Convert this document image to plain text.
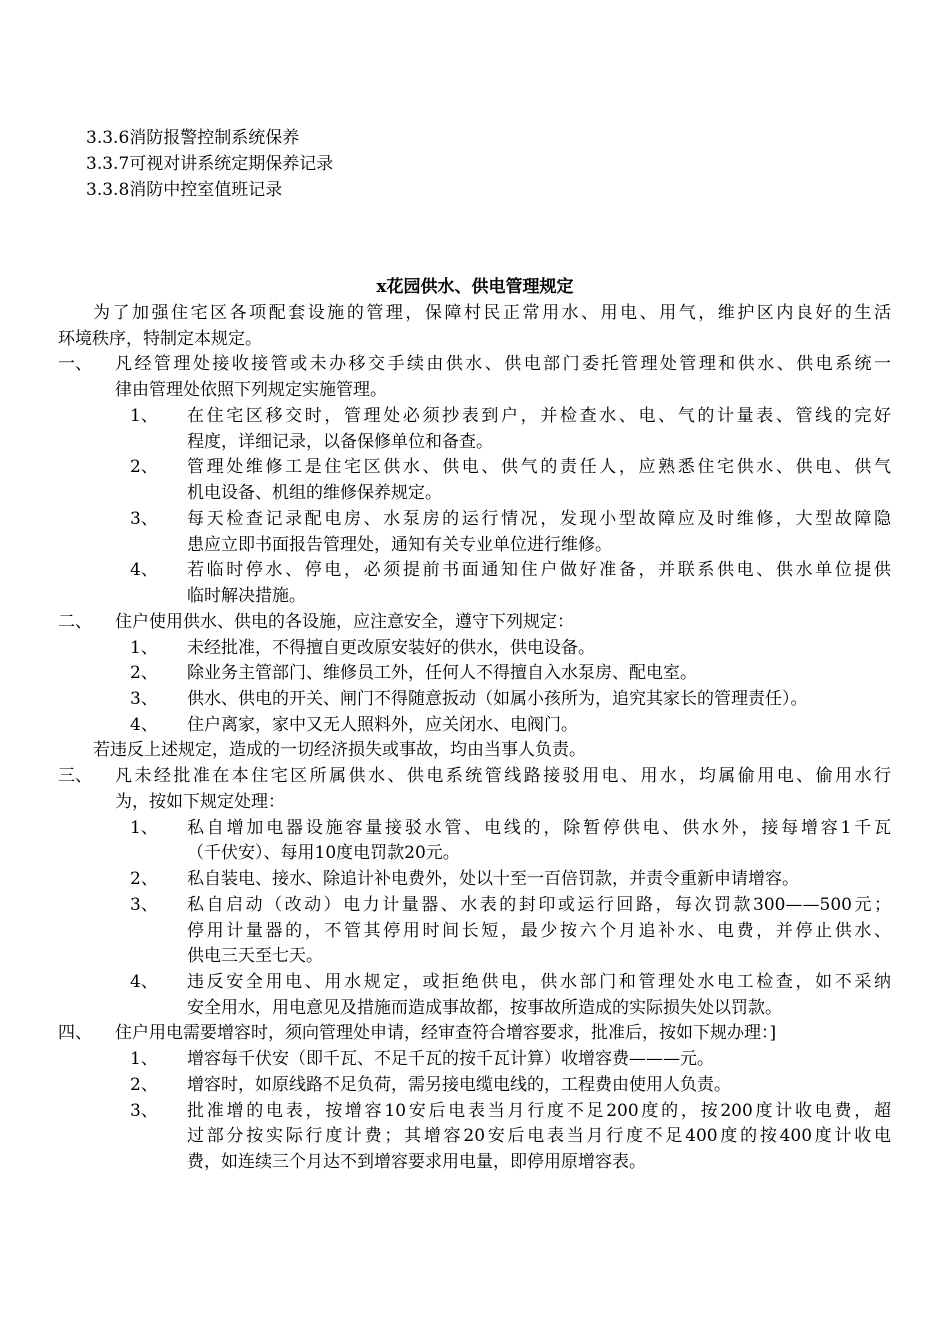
3.3.6消防报警控制系统保养
3.3.7可视对讲系统定期保养记录
3.3.8消防中控室值班记录
x花园供水、供电管理规定
为了加强住宅区各项配套设施的管理，保障村民正常用水、用电、用气，维护区内良好的生活
环境秩序，特制定本规定。
一、 凡经管理处接收接管或未办移交手续由供水、供电部门委托管理处管理和供水、供电系统一
律由管理处依照下列规定实施管理。
1、 在住宅区移交时，管理处必须抄表到户，并检查水、电、气的计量表、管线的完好
程度，详细记录，以备保修单位和备查。
2、 管理处维修工是住宅区供水、供电、供气的责任人，应熟悉住宅供水、供电、供气
机电设备、机组的维修保养规定。
3、 每天检查记录配电房、水泵房的运行情况，发现小型故障应及时维修，大型故障隐
患应立即书面报告管理处，通知有关专业单位进行维修。
4、 若临时停水、停电，必须提前书面通知住户做好准备，并联系供电、供水单位提供
临时解决措施。
二、 住户使用供水、供电的各设施，应注意安全，遵守下列规定：
1、 未经批准，不得擅自更改原安装好的供水，供电设备。
2、 除业务主管部门、维修员工外，任何人不得擅自入水泵房、配电室。
3、 供水、供电的开关、闸门不得随意扳动（如属小孩所为，追究其家长的管理责任）。
4、 住户离家，家中又无人照料外，应关闭水、电阀门。
若违反上述规定，造成的一切经济损失或事故，均由当事人负责。
三、 凡未经批准在本住宅区所属供水、供电系统管线路接驳用电、用水，均属偷用电、偷用水行
为，按如下规定处理：
1、 私自增加电器设施容量接驳水管、电线的，除暂停供电、供水外，接每增容1千瓦
（千伏安）、每用10度电罚款20元。
2、 私自装电、接水、除追计补电费外，处以十至一百倍罚款，并责令重新申请增容。
3、 私自启动（改动）电力计量器、水表的封印或运行回路，每次罚款300——500元；
停用计量器的，不管其停用时间长短，最少按六个月追补水、电费，并停止供水、
供电三天至七天。
4、 违反安全用电、用水规定，或拒绝供电，供水部门和管理处水电工检查，如不采纳
安全用水，用电意见及措施而造成事故都，按事故所造成的实际损失处以罚款。
四、 住户用电需要增容时，须向管理处申请，经审查符合增容要求，批准后，按如下规办理：]
1、 增容每千伏安（即千瓦、不足千瓦的按千瓦计算）收增容费———元。
2、 增容时，如原线路不足负荷，需另接电缆电线的，工程费由使用人负责。
3、 批准增的电表，按增容10安后电表当月行度不足200度的，按200度计收电费，超
过部分按实际行度计费；其增容20安后电表当月行度不足400度的按400度计收电
费，如连续三个月达不到增容要求用电量，即停用原增容表。
